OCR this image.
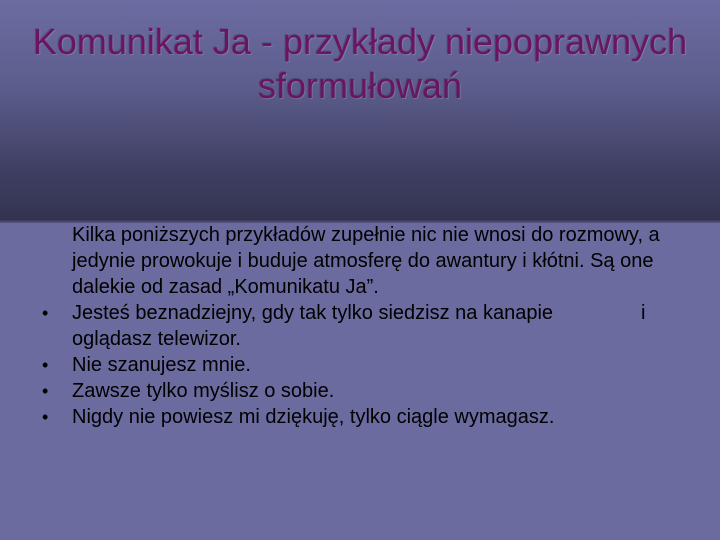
Komunikat Ja - przykłady niepoprawnych sformułowań
Kilka poniższych przykładów zupełnie nic nie wnosi do rozmowy, a jedynie prowokuje i buduje atmosferę do awantury i kłótni. Są one dalekie od zasad „Komunikatu Ja”.
• Jesteś beznadziejny, gdy tak tylko siedzisz na kanapie	i oglądasz telewizor.
• Nie szanujesz mnie.
• Zawsze tylko myślisz o sobie.
• Nigdy nie powiesz mi dziękuję, tylko ciągle wymagasz.
